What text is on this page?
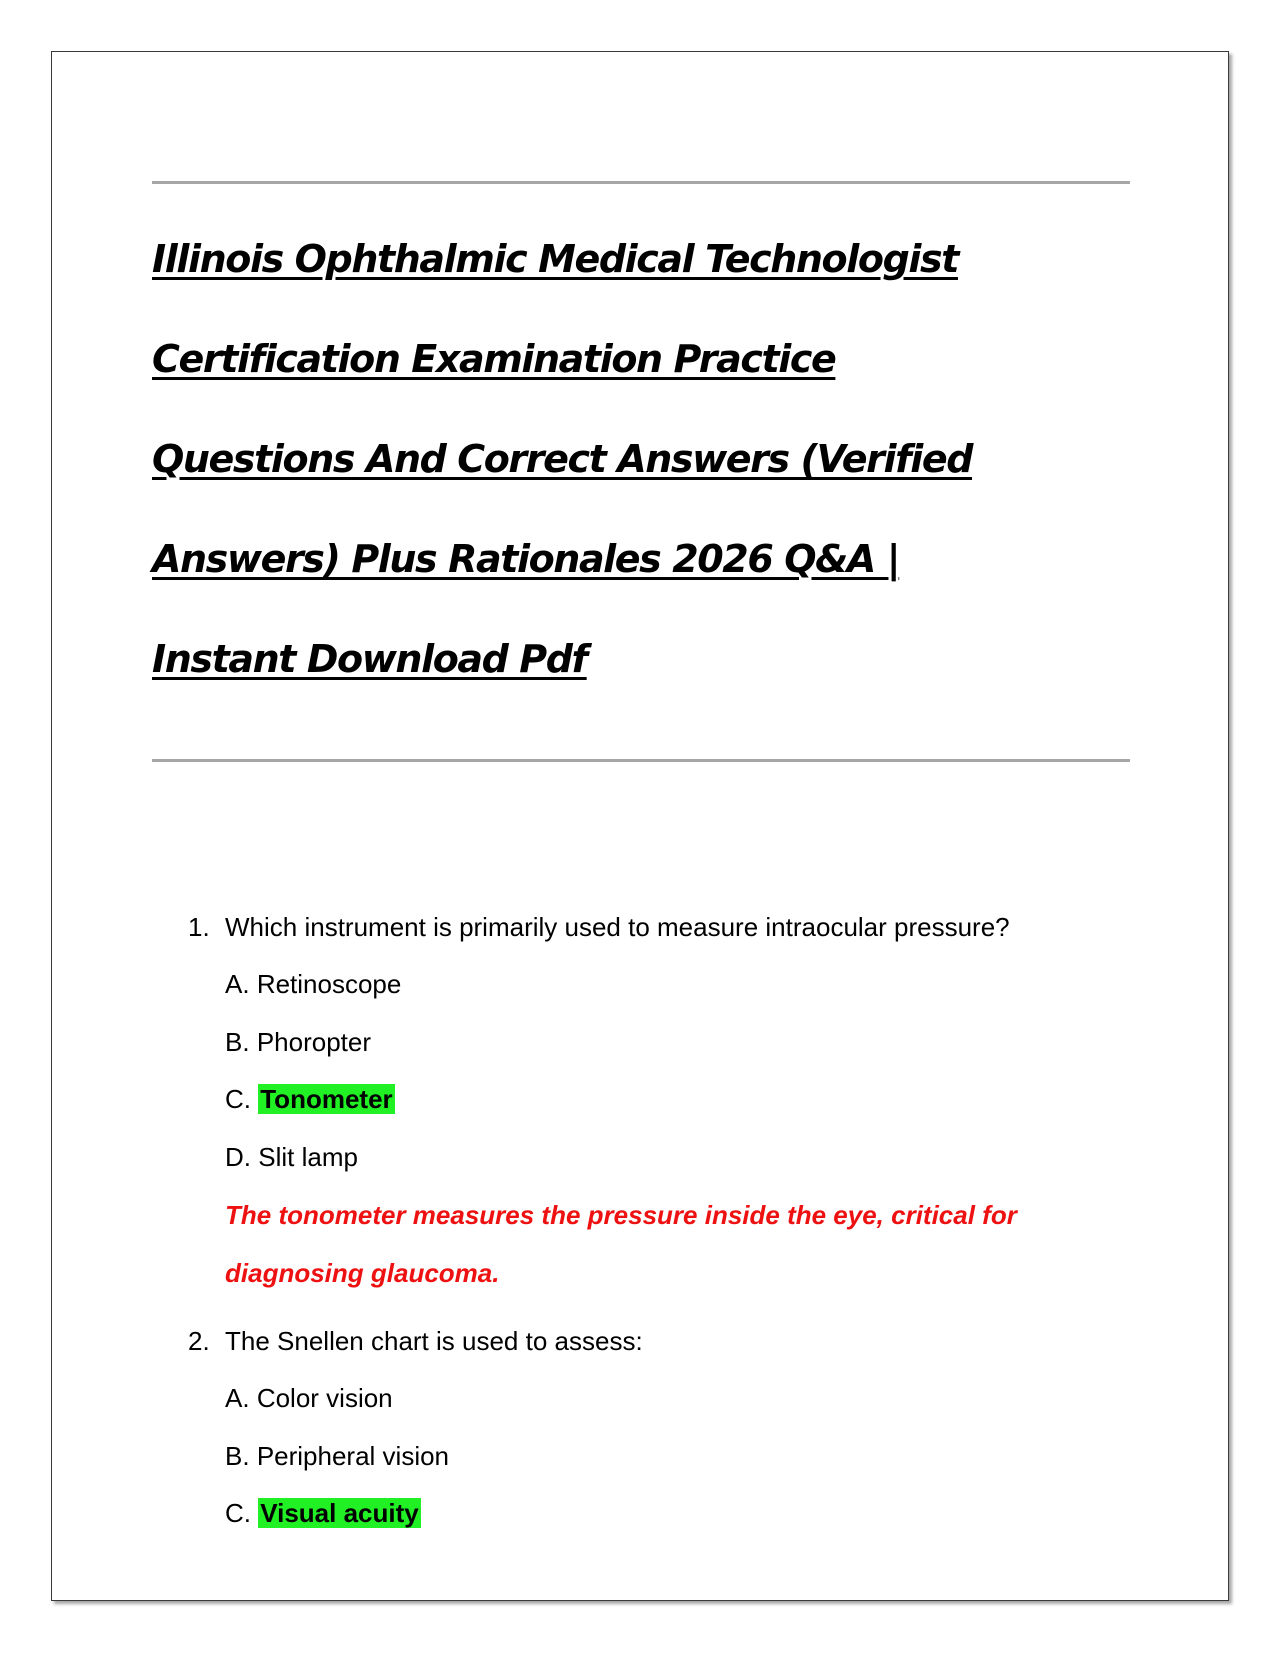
Illinois Ophthalmic Medical Technologist
Certification Examination Practice
Questions And Correct Answers (Verified
Answers) Plus Rationales 2026 Q&A |
Instant Download Pdf
1. Which instrument is primarily used to measure intraocular pressure?
A. Retinoscope
B. Phoropter
C. Tonometer
D. Slit lamp
The tonometer measures the pressure inside the eye, critical for diagnosing glaucoma.
2. The Snellen chart is used to assess:
A. Color vision
B. Peripheral vision
C. Visual acuity
